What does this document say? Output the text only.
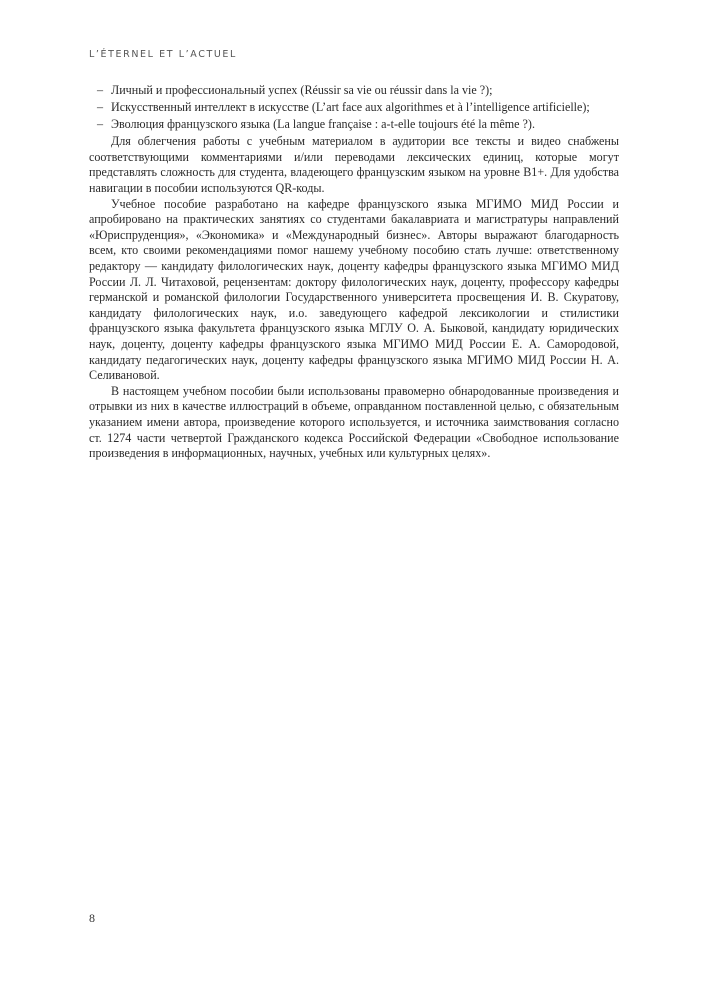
L’ÉTERNEL ET L’ACTUEL
– Личный и профессиональный успех (Réussir sa vie ou réussir dans la vie ?);
– Искусственный интеллект в искусстве (L’art face aux algorithmes et à l’intelligence artificielle);
– Эволюция французского языка (La langue française : a-t-elle toujours été la même ?).

Для облегчения работы с учебным материалом в аудитории все тексты и видео снабжены соответствующими комментариями и/или переводами лексических единиц, которые могут представлять сложность для студента, владеющего французским языком на уровне B1+. Для удобства навигации в пособии используются QR-коды.

Учебное пособие разработано на кафедре французского языка МГИМО МИД России и апробировано на практических занятиях со студентами бакалавриата и магистратуры направлений «Юриспруденция», «Экономика» и «Международный бизнес». Авторы выражают благодарность всем, кто своими рекомендациями помог нашему учебному пособию стать лучше: ответственному редактору — кандидату филологических наук, доценту кафедры французского языка МГИМО МИД России Л. Л. Читаховой, рецензентам: доктору филологических наук, доценту, профессору кафедры германской и романской филологии Государственного университета просвещения И. В. Скуратову, кандидату филологических наук, и.о. заведующего кафедрой лексикологии и стилистики французского языка факультета французского языка МГЛУ О. А. Быковой, кандидату юридических наук, доценту, доценту кафедры французского языка МГИМО МИД России Е. А. Самородовой, кандидату педагогических наук, доценту кафедры французского языка МГИМО МИД России Н. А. Селивановой.

В настоящем учебном пособии были использованы правомерно обнародованные произведения и отрывки из них в качестве иллюстраций в объеме, оправданном поставленной целью, с обязательным указанием имени автора, произведение которого используется, и источника заимствования согласно ст. 1274 части четвертой Гражданского кодекса Российской Федерации «Свободное использование произведения в информационных, научных, учебных или культурных целях».

8
